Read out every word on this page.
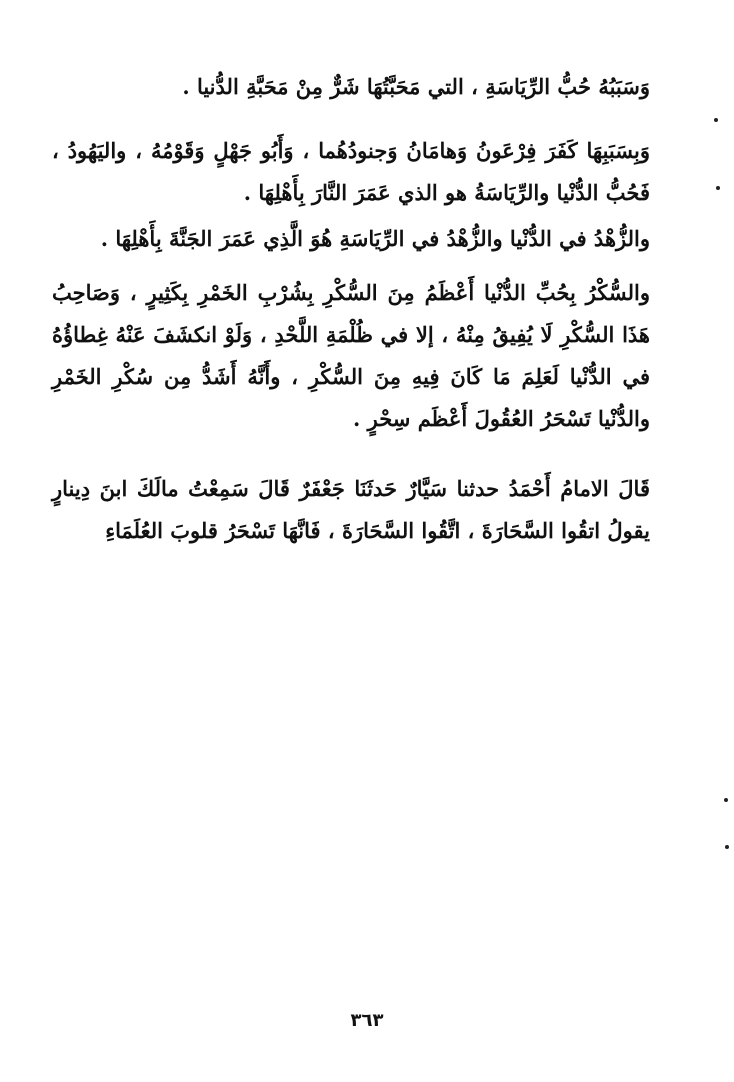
وَسَبَبُهُ حُبُّ الرِّيَاسَةِ ، التي مَحَبَّتُهَا شَرٌّ مِنْ مَحَبَّةِ الدُّنيا .

وَبِسَبَبِهَا كَفَرَ فِرْعَونُ وَهامَانُ وَجنودُهُما ، وَأَبُو جَهْلٍ وَقَوْمُهُ ، واليَهُودُ ، فَحُبُّ الدُّنْيا والرِّيَاسَةُ هو الذي عَمَرَ النَّارَ بِأَهْلِهَا .

والزُّهْدُ في الدُّنْيا والزُّهْدُ في الرِّيَاسَةِ هُوَ الَّذِي عَمَرَ الجَنَّةَ بِأَهْلِهَا .

والسُّكْرُ بِحُبِّ الدُّنْيا أَعْظَمُ مِنَ السُّكْرِ بِشُرْبِ الخَمْرِ بِكَثِيرٍ ، وَصَاحِبُ هَذَا السُّكْرِ لَا يُفِيقُ مِنْهُ ، إلا في ظُلْمَةِ اللَّحْدِ ، وَلَوْ انكشَفَ عَنْهُ غِطاؤُهُ في الدُّنْيا لَعَلِمَ مَا كَانَ فِيهِ مِنَ السُّكْرِ ، وأَنَّهُ أَشَدُّ مِن سُكْرِ الخَمْرِ والدُّنْيا تَسْحَرُ العُقُولَ أَعْظَم سِحْرٍ .

قَالَ الامامُ أَحْمَدُ حدثنا سَيَّارٌ حَدثَنَا جَعْفَرٌ قَالَ سَمِعْتُ مالَكَ ابنَ دِينارٍ يقولُ اتقُوا السَّحَارَةَ ، اتَّقُوا السَّحَارَةَ ، فَانَّهَا تَسْحَرُ قلوبَ العُلَمَاءِ

٣٦٣
